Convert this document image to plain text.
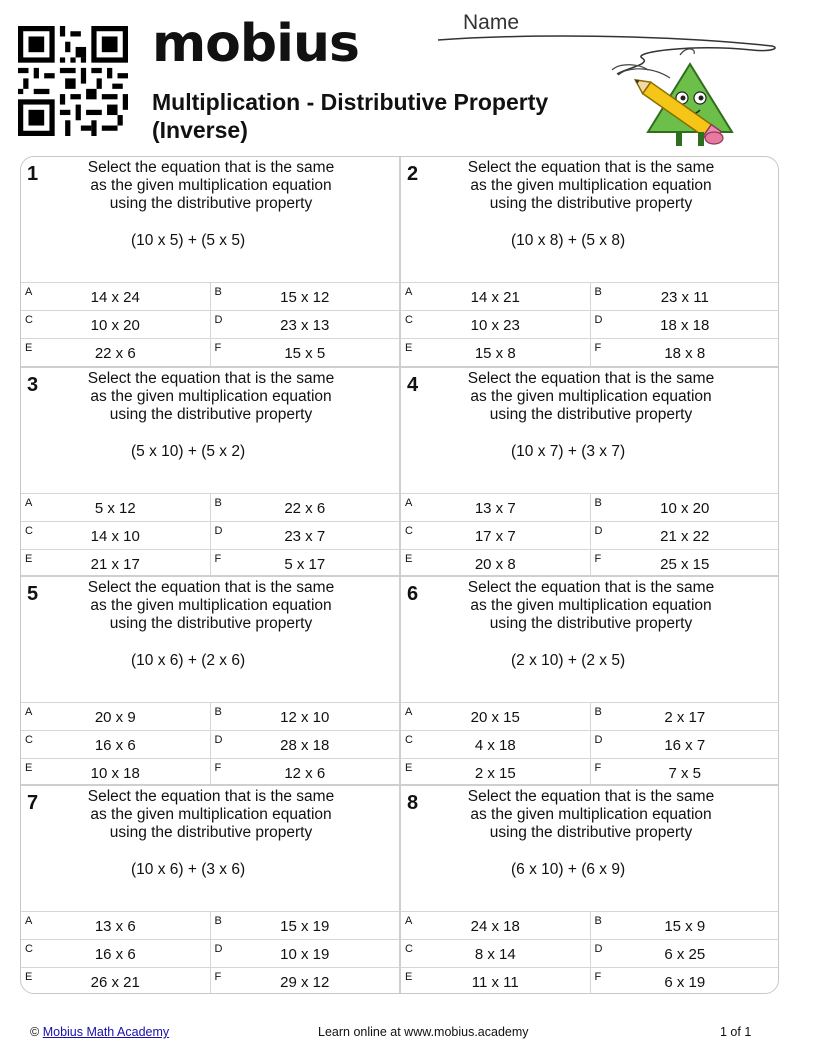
mobius
Multiplication - Distributive Property
(Inverse)
Name
1	Select the equation that is the same
as the given multiplication equation
using the distributive property
(10 x 5) + (5 x 5)
A	14 x 24	B	15 x 12
C	10 x 20	D	23 x 13
E	22 x 6	F	15 x 5
2	Select the equation that is the same
as the given multiplication equation
using the distributive property
(10 x 8) + (5 x 8)
A	14 x 21	B	23 x 11
C	10 x 23	D	18 x 18
E	15 x 8	F	18 x 8
3	Select the equation that is the same
as the given multiplication equation
using the distributive property
(5 x 10) + (5 x 2)
A	5 x 12	B	22 x 6
C	14 x 10	D	23 x 7
E	21 x 17	F	5 x 17
4	Select the equation that is the same
as the given multiplication equation
using the distributive property
(10 x 7) + (3 x 7)
A	13 x 7	B	10 x 20
C	17 x 7	D	21 x 22
E	20 x 8	F	25 x 15
5	Select the equation that is the same
as the given multiplication equation
using the distributive property
(10 x 6) + (2 x 6)
A	20 x 9	B	12 x 10
C	16 x 6	D	28 x 18
E	10 x 18	F	12 x 6
6	Select the equation that is the same
as the given multiplication equation
using the distributive property
(2 x 10) + (2 x 5)
A	20 x 15	B	2 x 17
C	4 x 18	D	16 x 7
E	2 x 15	F	7 x 5
7	Select the equation that is the same
as the given multiplication equation
using the distributive property
(10 x 6) + (3 x 6)
A	13 x 6	B	15 x 19
C	16 x 6	D	10 x 19
E	26 x 21	F	29 x 12
8	Select the equation that is the same
as the given multiplication equation
using the distributive property
(6 x 10) + (6 x 9)
A	24 x 18	B	15 x 9
C	8 x 14	D	6 x 25
E	11 x 11	F	6 x 19
© Mobius Math Academy	Learn online at www.mobius.academy	1 of 1
